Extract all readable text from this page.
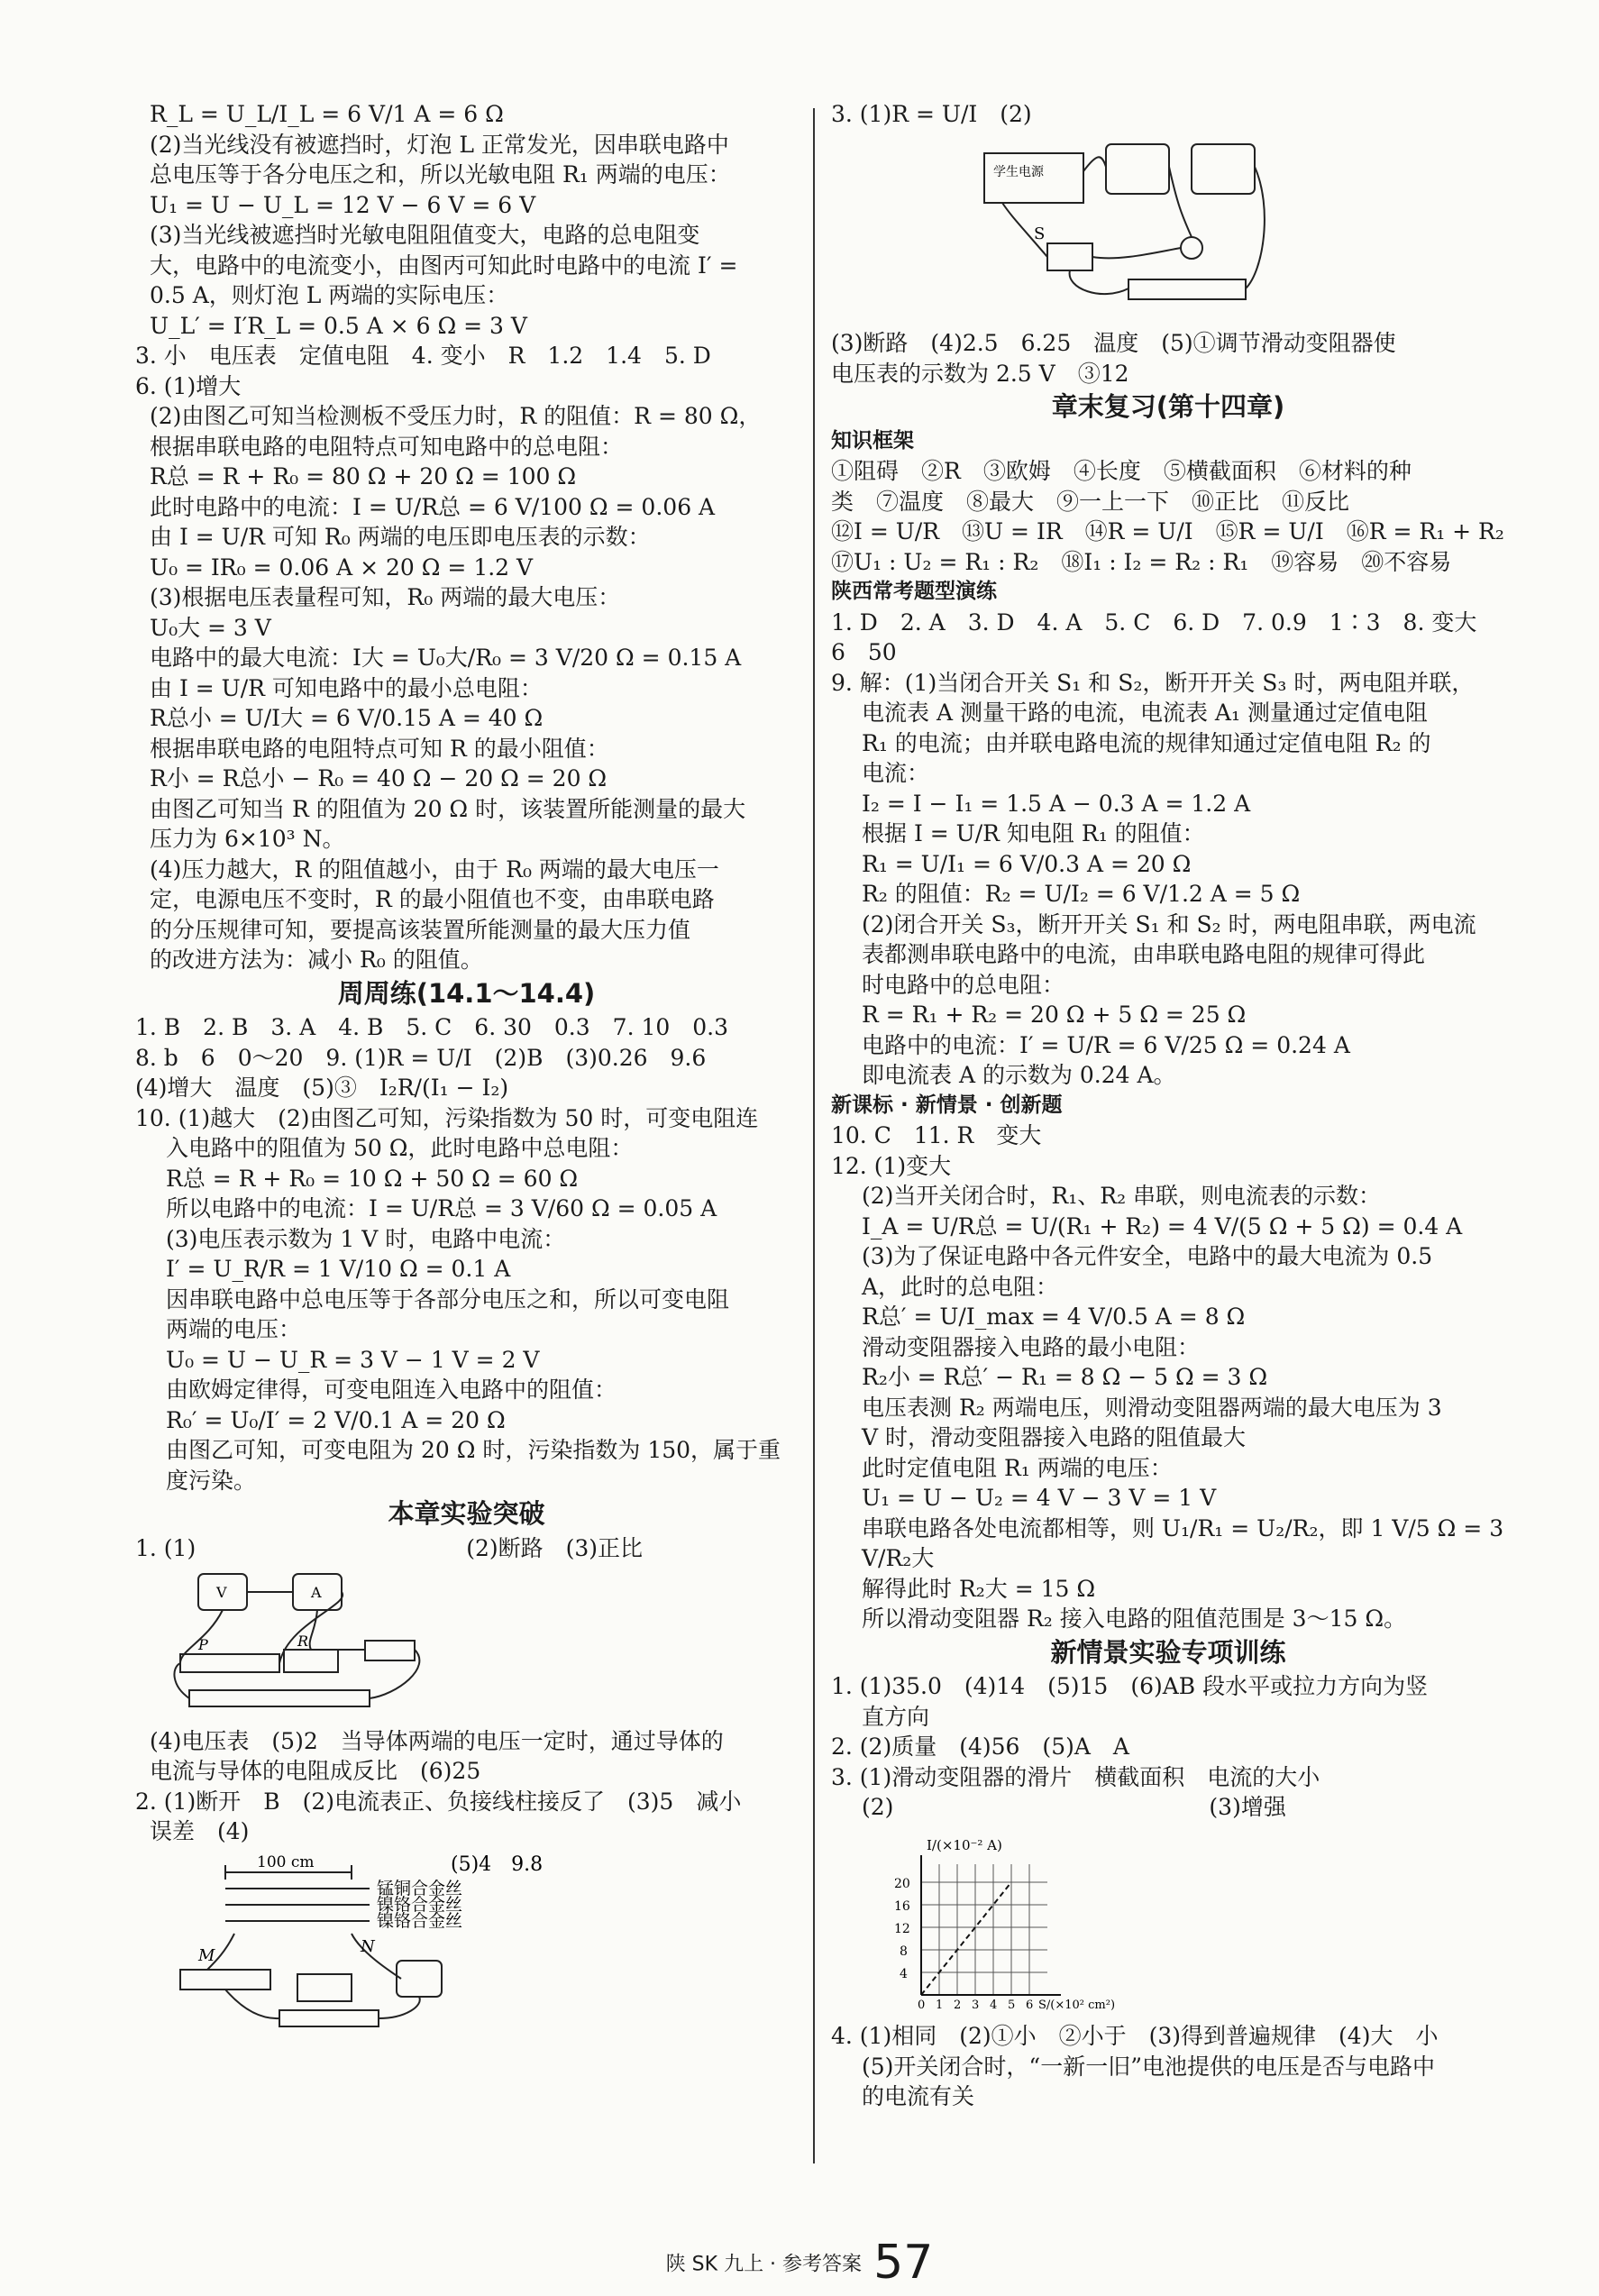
R_L = U_L/I_L = 6 V/1 A = 6 Ω
(2)当光线没有被遮挡时，灯泡 L 正常发光，因串联电路中
总电压等于各分电压之和，所以光敏电阻 R₁ 两端的电压：
U₁ = U − U_L = 12 V − 6 V = 6 V
(3)当光线被遮挡时光敏电阻阻值变大，电路的总电阻变
大，电路中的电流变小，由图丙可知此时电路中的电流 I′ =
0.5 A，则灯泡 L 两端的实际电压：
U_L′ = I′R_L = 0.5 A × 6 Ω = 3 V
3. 小　电压表　定值电阻　4. 变小　R　1.2　1.4　5. D
6. (1)增大
(2)由图乙可知当检测板不受压力时，R 的阻值：R = 80 Ω，
根据串联电路的电阻特点可知电路中的总电阻：
R总 = R + R₀ = 80 Ω + 20 Ω = 100 Ω
此时电路中的电流：I = U/R总 = 6 V/100 Ω = 0.06 A
由 I = U/R 可知 R₀ 两端的电压即电压表的示数：
U₀ = IR₀ = 0.06 A × 20 Ω = 1.2 V
(3)根据电压表量程可知，R₀ 两端的最大电压：
U₀大 = 3 V
电路中的最大电流：I大 = U₀大/R₀ = 3 V/20 Ω = 0.15 A
由 I = U/R 可知电路中的最小总电阻：
R总小 = U/I大 = 6 V/0.15 A = 40 Ω
根据串联电路的电阻特点可知 R 的最小阻值：
R小 = R总小 − R₀ = 40 Ω − 20 Ω = 20 Ω
由图乙可知当 R 的阻值为 20 Ω 时，该装置所能测量的最大
压力为 6×10³ N。
(4)压力越大，R 的阻值越小，由于 R₀ 两端的最大电压一
定，电源电压不变时，R 的最小阻值也不变，由串联电路
的分压规律可知，要提高该装置所能测量的最大压力值
的改进方法为：减小 R₀ 的阻值。
周周练(14.1～14.4)
1. B　2. B　3. A　4. B　5. C　6. 30　0.3　7. 10　0.3
8. b　6　0～20　9. (1)R = U/I　(2)B　(3)0.26　9.6
(4)增大　温度　(5)③　I₂R/(I₁ − I₂)
10. (1)越大　(2)由图乙可知，污染指数为 50 时，可变电阻连
入电路中的阻值为 50 Ω，此时电路中总电阻：
R总 = R + R₀ = 10 Ω + 50 Ω = 60 Ω
所以电路中的电流：I = U/R总 = 3 V/60 Ω = 0.05 A
(3)电压表示数为 1 V 时，电路中电流：
I′ = U_R/R = 1 V/10 Ω = 0.1 A
因串联电路中总电压等于各部分电压之和，所以可变电阻
两端的电压：
U₀ = U − U_R = 3 V − 1 V = 2 V
由欧姆定律得，可变电阻连入电路中的阻值：
R₀′ = U₀/I′ = 2 V/0.1 A = 20 Ω
由图乙可知，可变电阻为 20 Ω 时，污染指数为 150，属于重
度污染。
本章实验突破
1. (1)　　　　　　　　　　　　(2)断路　(3)正比
V	A
P	R
(4)电压表　(5)2　当导体两端的电压一定时，通过导体的
电流与导体的电阻成反比　(6)25
2. (1)断开　B　(2)电流表正、负接线柱接反了　(3)5　减小
误差　(4)
100 cm
锰铜合金丝
镍铬合金丝
镍铬合金丝
(5)4　9.8
M	N
3. (1)R = U/I　(2)
学生电源
S
(3)断路　(4)2.5　6.25　温度　(5)①调节滑动变阻器使
电压表的示数为 2.5 V　③12
章末复习(第十四章)
知识框架
①阻碍　②R　③欧姆　④长度　⑤横截面积　⑥材料的种
类　⑦温度　⑧最大　⑨一上一下　⑩正比　⑪反比
⑫I = U/R　⑬U = IR　⑭R = U/I　⑮R = U/I　⑯R = R₁ + R₂
⑰U₁ : U₂ = R₁ : R₂　⑱I₁ : I₂ = R₂ : R₁　⑲容易　⑳不容易
陕西常考题型演练
1. D　2. A　3. D　4. A　5. C　6. D　7. 0.9　1∶3　8. 变大
6　50
9. 解：(1)当闭合开关 S₁ 和 S₂，断开开关 S₃ 时，两电阻并联，
电流表 A 测量干路的电流，电流表 A₁ 测量通过定值电阻
R₁ 的电流；由并联电路电流的规律知通过定值电阻 R₂ 的
电流：
I₂ = I − I₁ = 1.5 A − 0.3 A = 1.2 A
根据 I = U/R 知电阻 R₁ 的阻值：
R₁ = U/I₁ = 6 V/0.3 A = 20 Ω
R₂ 的阻值：R₂ = U/I₂ = 6 V/1.2 A = 5 Ω
(2)闭合开关 S₃，断开开关 S₁ 和 S₂ 时，两电阻串联，两电流
表都测串联电路中的电流，由串联电路电阻的规律可得此
时电路中的总电阻：
R = R₁ + R₂ = 20 Ω + 5 Ω = 25 Ω
电路中的电流：I′ = U/R = 6 V/25 Ω = 0.24 A
即电流表 A 的示数为 0.24 A。
新课标 · 新情景 · 创新题
10. C　11. R　变大
12. (1)变大
(2)当开关闭合时，R₁、R₂ 串联，则电流表的示数：
I_A = U/R总 = U/(R₁ + R₂) = 4 V/(5 Ω + 5 Ω) = 0.4 A
(3)为了保证电路中各元件安全，电路中的最大电流为 0.5
A，此时的总电阻：
R总′ = U/I_max = 4 V/0.5 A = 8 Ω
滑动变阻器接入电路的最小电阻：
R₂小 = R总′ − R₁ = 8 Ω − 5 Ω = 3 Ω
电压表测 R₂ 两端电压，则滑动变阻器两端的最大电压为 3
V 时，滑动变阻器接入电路的阻值最大
此时定值电阻 R₁ 两端的电压：
U₁ = U − U₂ = 4 V − 3 V = 1 V
串联电路各处电流都相等，则 U₁/R₁ = U₂/R₂，即 1 V/5 Ω = 3 V/R₂大
解得此时 R₂大 = 15 Ω
所以滑动变阻器 R₂ 接入电路的阻值范围是 3～15 Ω。
新情景实验专项训练
1. (1)35.0　(4)14　(5)15　(6)AB 段水平或拉力方向为竖
直方向
2. (2)质量　(4)56　(5)A　A
3. (1)滑动变阻器的滑片　横截面积　电流的大小
(2)　　　　　　　　　　　　　　(3)增强
I/(×10⁻² A)
S/(×10² cm²)
4
8
12
16
20
0 1 2 3 4 5 6
4. (1)相同　(2)①小　②小于　(3)得到普遍规律　(4)大　小
(5)开关闭合时，“一新一旧”电池提供的电压是否与电路中
的电流有关
陕 SK 九上 · 参考答案 57
